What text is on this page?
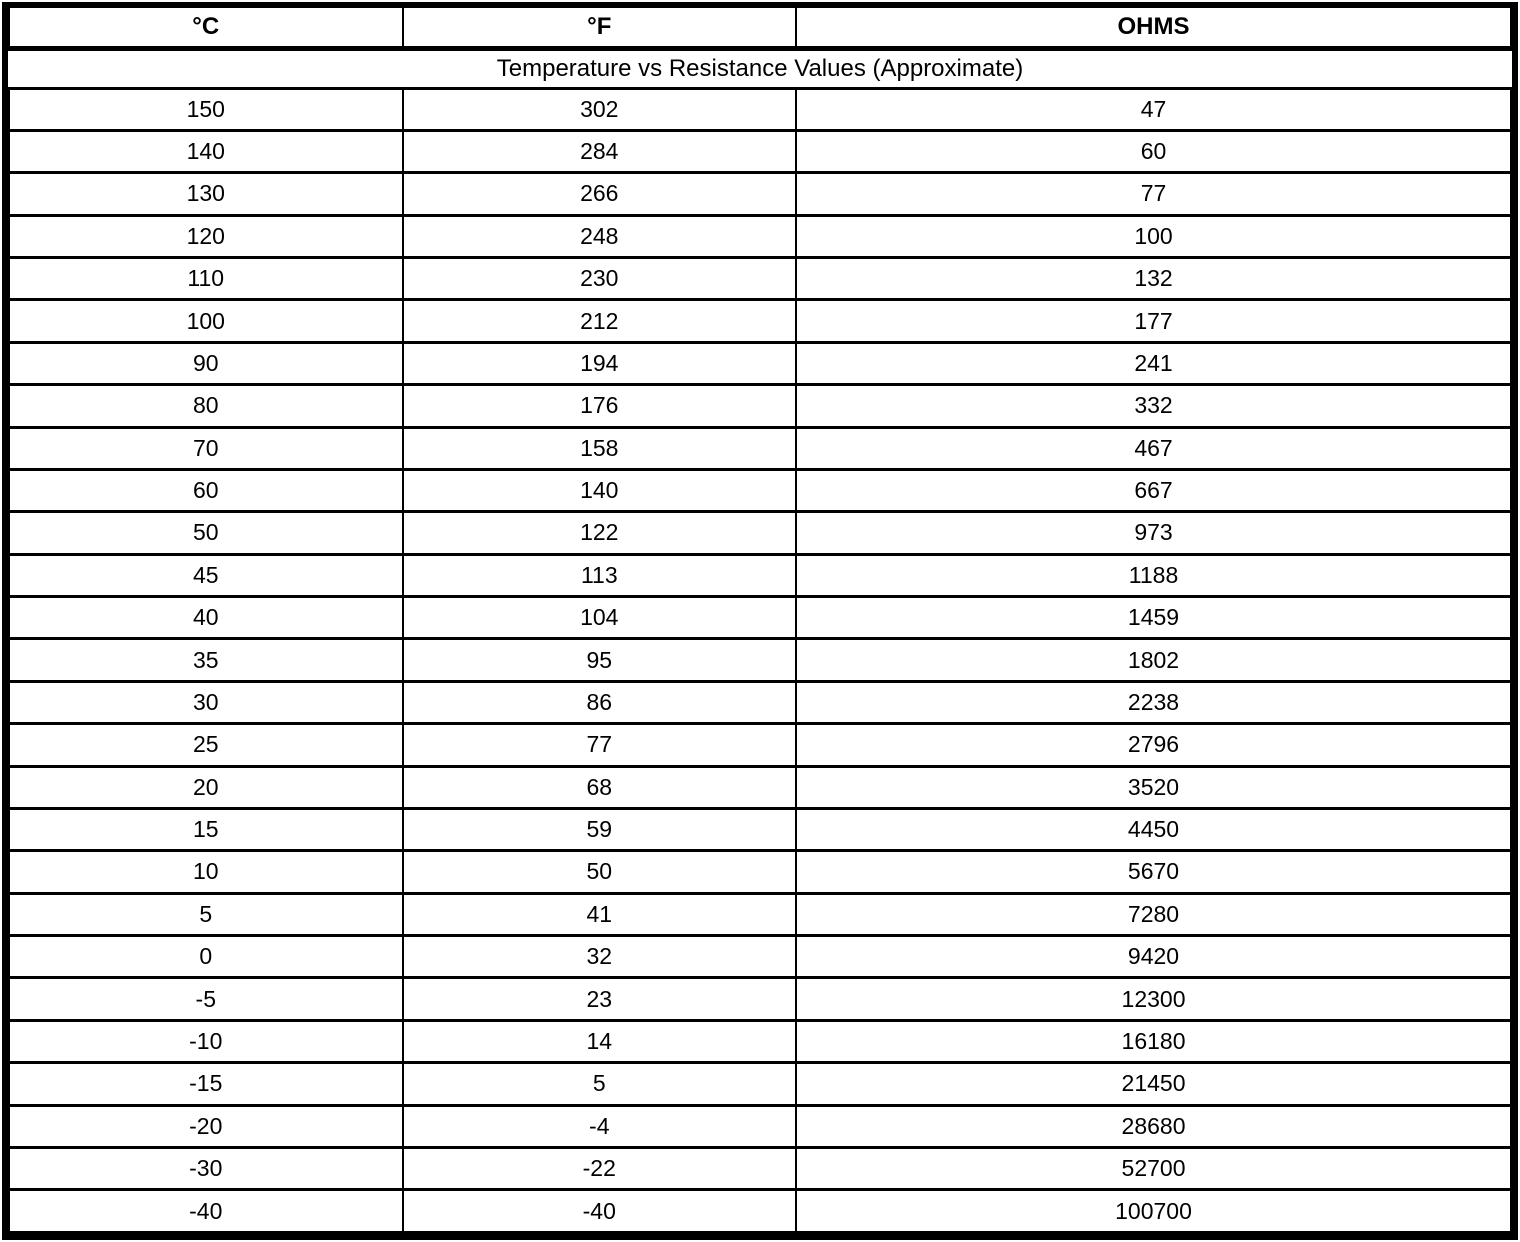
°C	°F	OHMS
Temperature vs Resistance Values (Approximate)		
150	302	47
140	284	60
130	266	77
120	248	100
110	230	132
100	212	177
90	194	241
80	176	332
70	158	467
60	140	667
50	122	973
45	113	1188
40	104	1459
35	95	1802
30	86	2238
25	77	2796
20	68	3520
15	59	4450
10	50	5670
5	41	7280
0	32	9420
-5	23	12300
-10	14	16180
-15	5	21450
-20	-4	28680
-30	-22	52700
-40	-40	100700
